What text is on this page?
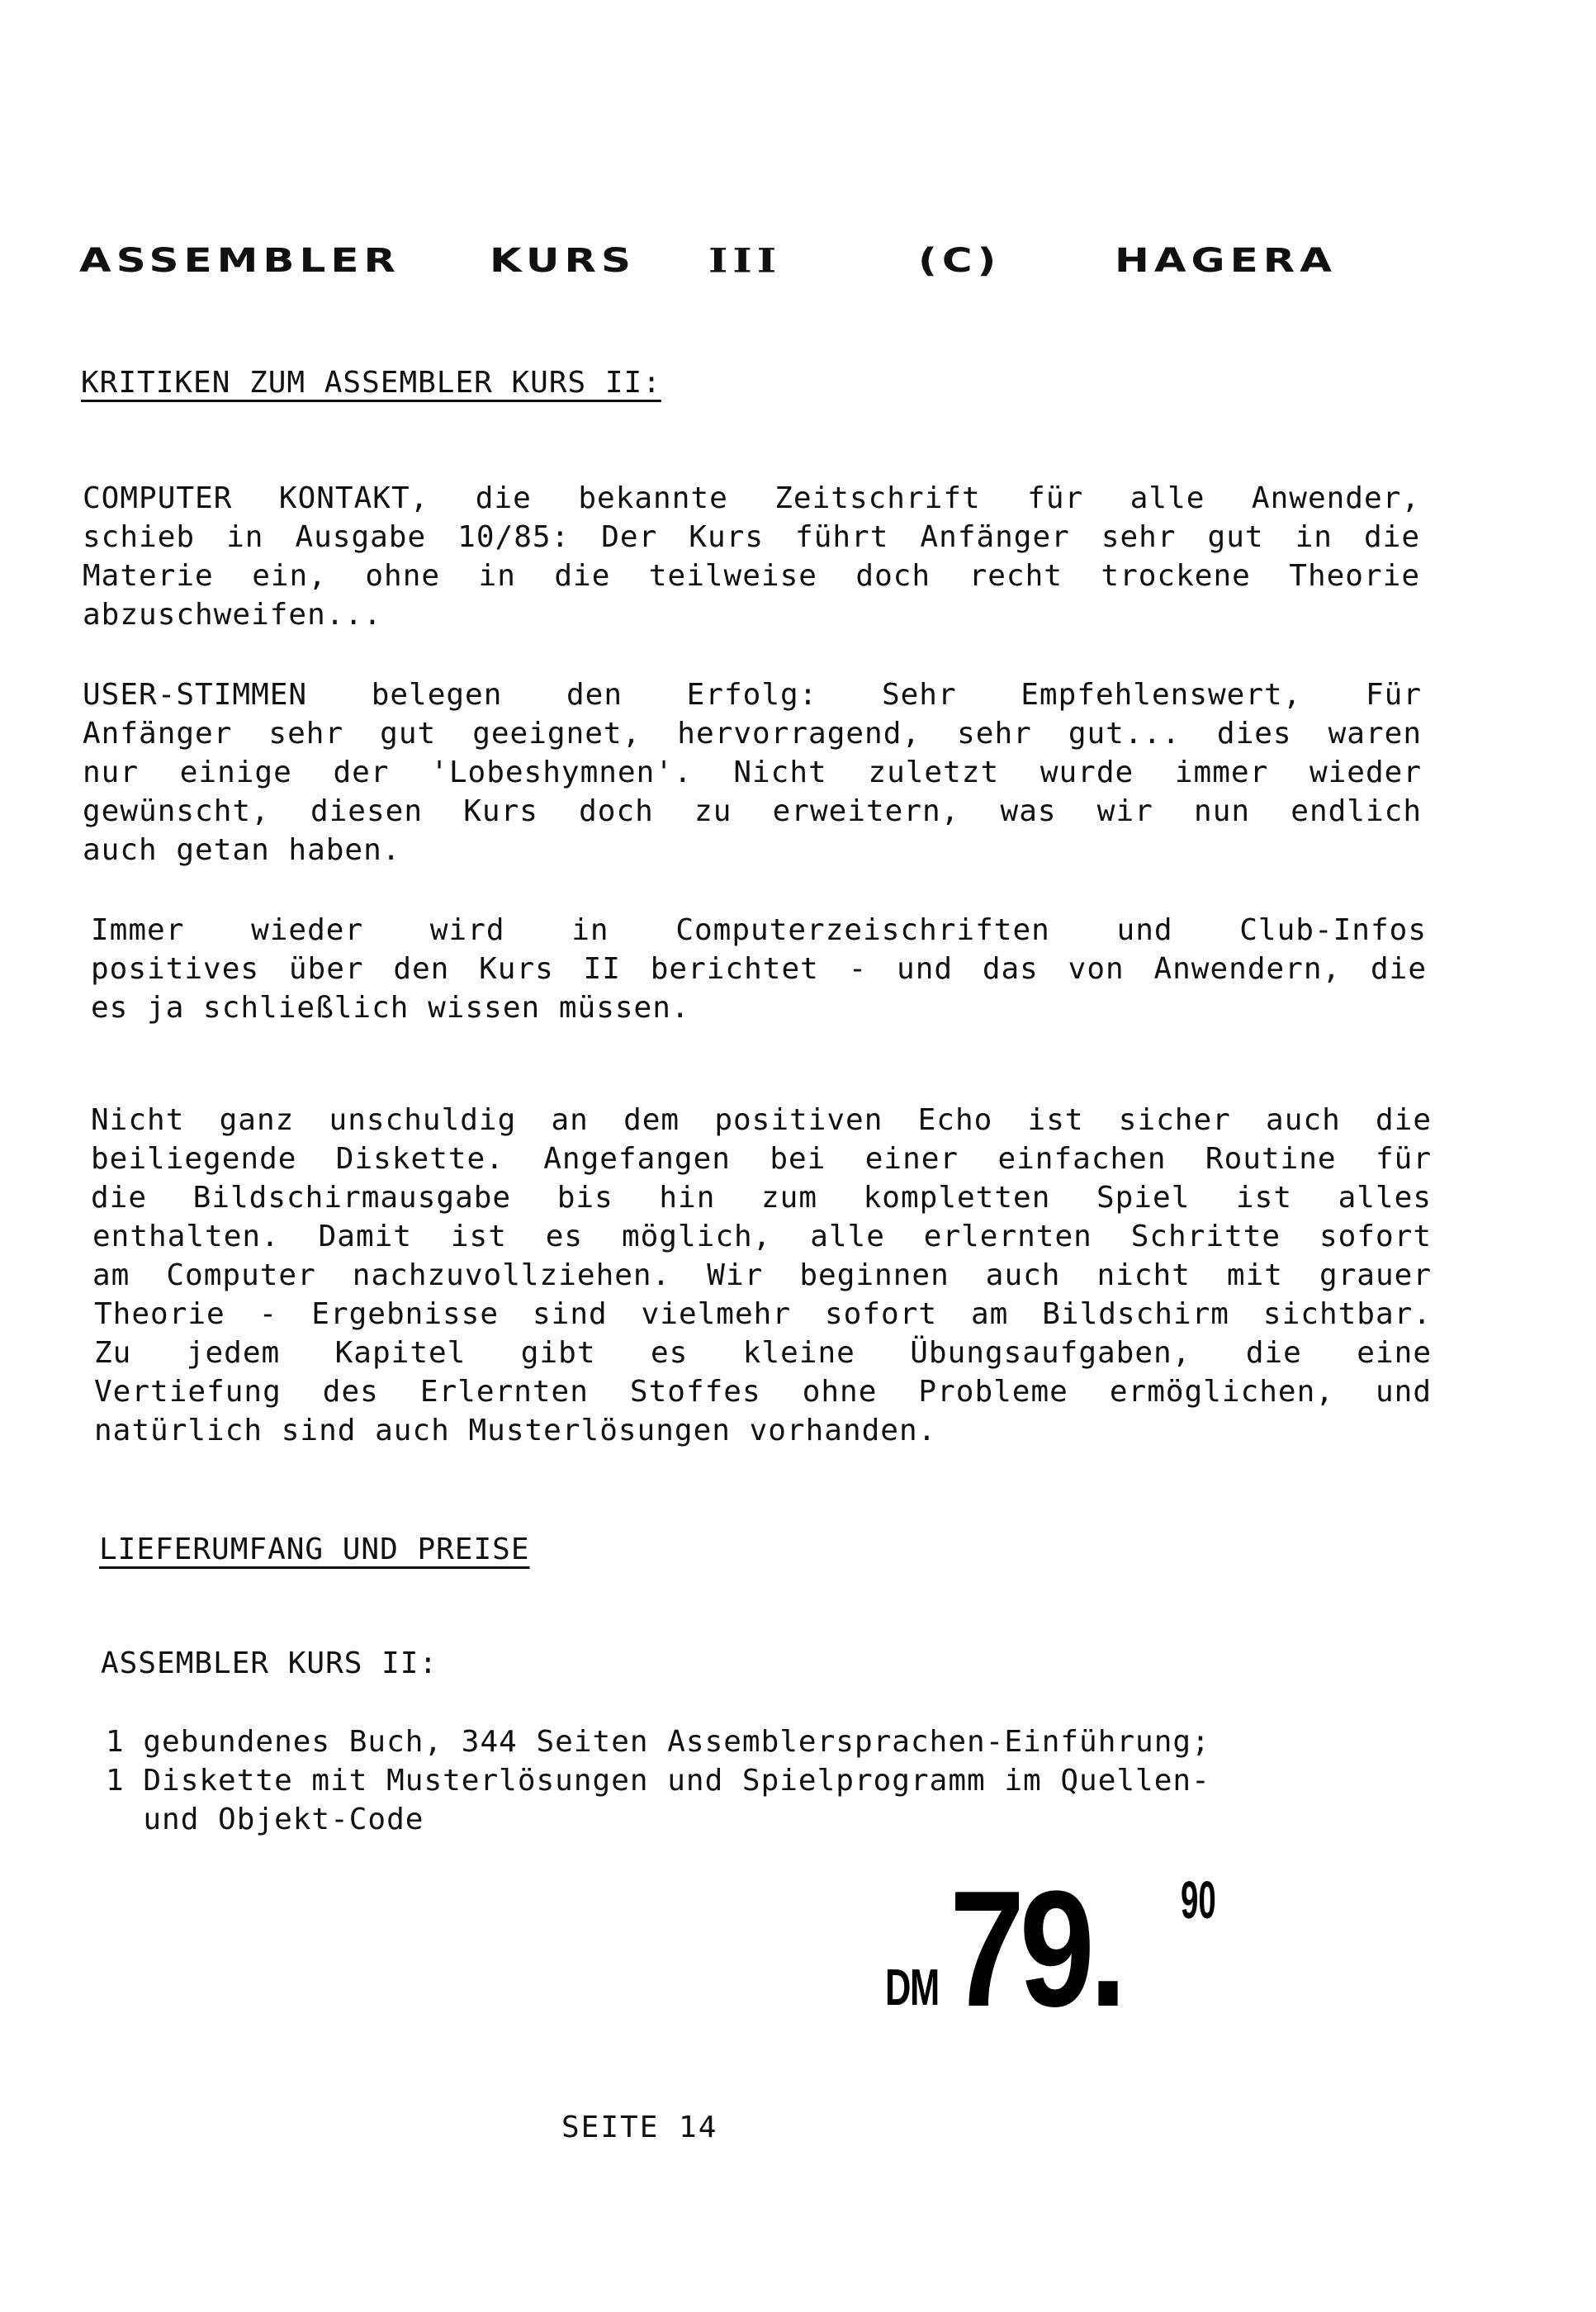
ASSEMBLER KURS III	(C)	HAGERA
KRITIKEN ZUM ASSEMBLER KURS II:
COMPUTER KONTAKT, die bekannte Zeitschrift für alle Anwender,
schieb in Ausgabe 10/85: Der Kurs führt Anfänger sehr gut in die
Materie ein, ohne in die teilweise doch recht trockene Theorie
abzuschweifen...
USER-STIMMEN belegen den Erfolg: Sehr Empfehlenswert, Für
Anfänger sehr gut geeignet, hervorragend, sehr gut... dies waren
nur einige der 'Lobeshymnen'. Nicht zuletzt wurde immer wieder
gewünscht, diesen Kurs doch zu erweitern, was wir nun endlich
auch getan haben.
Immer wieder wird in Computerzeischriften und Club-Infos
positives über den Kurs II berichtet - und das von Anwendern, die
es ja schließlich wissen müssen.
Nicht ganz unschuldig an dem positiven Echo ist sicher auch die
beiliegende Diskette. Angefangen bei einer einfachen Routine für
die Bildschirmausgabe bis hin zum kompletten Spiel ist alles
enthalten. Damit ist es möglich, alle erlernten Schritte sofort
am Computer nachzuvollziehen. Wir beginnen auch nicht mit grauer
Theorie - Ergebnisse sind vielmehr sofort am Bildschirm sichtbar.
Zu jedem Kapitel gibt es kleine Übungsaufgaben, die eine
Vertiefung des Erlernten Stoffes ohne Probleme ermöglichen, und
natürlich sind auch Musterlösungen vorhanden.
LIEFERUMFANG UND PREISE
ASSEMBLER KURS II:
1 gebundenes Buch, 344 Seiten Assemblersprachen-Einführung;
1 Diskette mit Musterlösungen und Spielprogramm im Quellen-
und Objekt-Code
DM 79. 90
SEITE 14
